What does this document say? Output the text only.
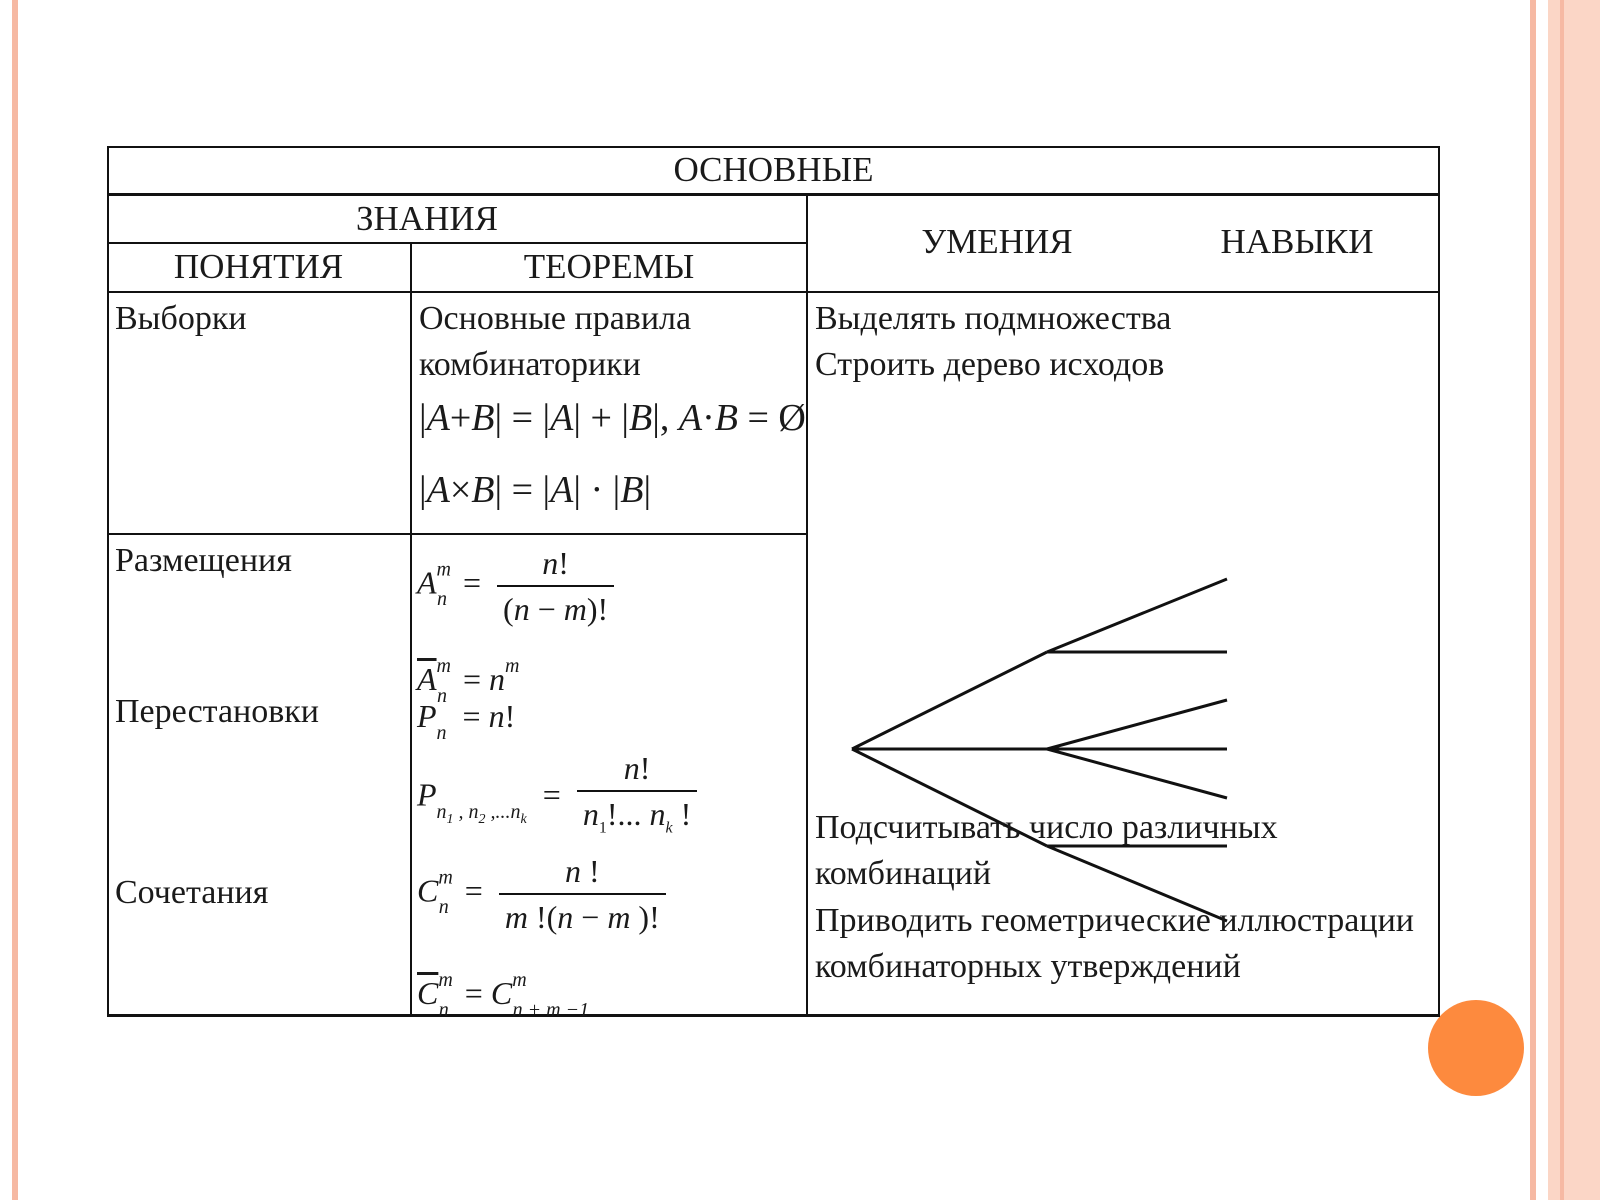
ОСНОВНЫЕ
ЗНАНИЯ
УМЕНИЯ	НАВЫКИ
ПОНЯТИЯ	ТЕОРЕМЫ
Выборки
Размещения
Перестановки
Сочетания
Основные правила
комбинаторики
|A+B| = |A| + |B|, A·B = Ø
|A×B| = |A| · |B|
$A^m_n = \frac{n!}{(n - m)!}$
$\overline{A}^m_n = n^m$
$P_n = n$!
$P_{n_1 , n_2 ,...n_k} = \frac{n!}{n_1!... n_k !}$
$C^m_n = \frac{n !}{m !(n - m )!}$
$\overline{C}^m_n = C^m_{n + m -1}$
Выделять подмножества
Строить дерево исходов
Подсчитывать число различных
комбинаций
Приводить геометрические иллюстрации
комбинаторных утверждений
